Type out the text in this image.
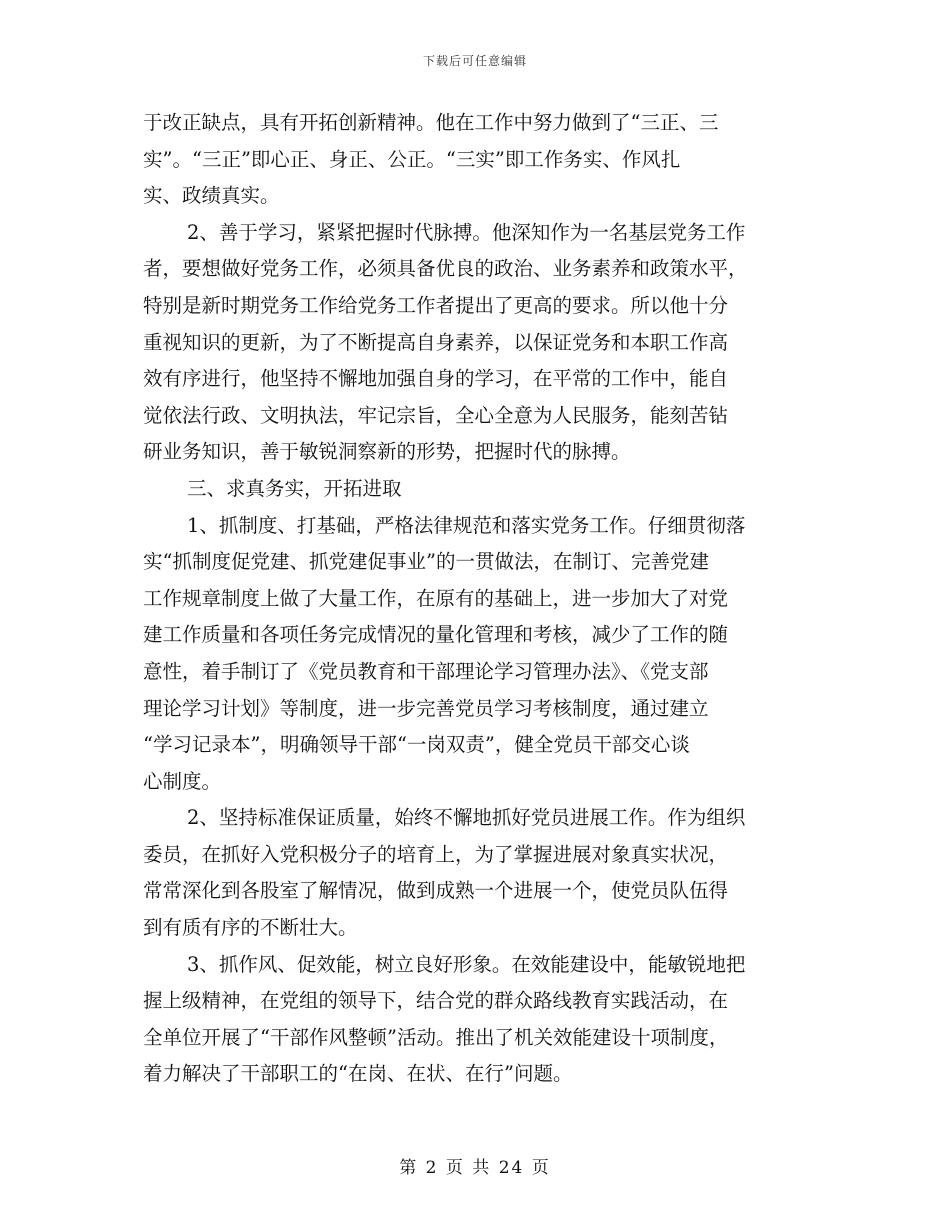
下载后可任意编辑
于改正缺点，具有开拓创新精神。他在工作中努力做到了“三正、三
实”。“三正”即心正、身正、公正。“三实”即工作务实、作风扎
实、政绩真实。
2、善于学习，紧紧把握时代脉搏。他深知作为一名基层党务工作
者，要想做好党务工作，必须具备优良的政治、业务素养和政策水平，
特别是新时期党务工作给党务工作者提出了更高的要求。所以他十分
重视知识的更新，为了不断提高自身素养，以保证党务和本职工作高
效有序进行，他坚持不懈地加强自身的学习，在平常的工作中，能自
觉依法行政、文明执法，牢记宗旨，全心全意为人民服务，能刻苦钻
研业务知识，善于敏锐洞察新的形势，把握时代的脉搏。
三、求真务实，开拓进取
1、抓制度、打基础，严格法律规范和落实党务工作。仔细贯彻落
实“抓制度促党建、抓党建促事业”的一贯做法，在制订、完善党建
工作规章制度上做了大量工作，在原有的基础上，进一步加大了对党
建工作质量和各项任务完成情况的量化管理和考核，减少了工作的随
意性，着手制订了《党员教育和干部理论学习管理办法》、《党支部
理论学习计划》等制度，进一步完善党员学习考核制度，通过建立
“学习记录本”，明确领导干部“一岗双责”，健全党员干部交心谈
心制度。
2、坚持标准保证质量，始终不懈地抓好党员进展工作。作为组织
委员，在抓好入党积极分子的培育上，为了掌握进展对象真实状况，
常常深化到各股室了解情况，做到成熟一个进展一个，使党员队伍得
到有质有序的不断壮大。
3、抓作风、促效能，树立良好形象。在效能建设中，能敏锐地把
握上级精神，在党组的领导下，结合党的群众路线教育实践活动，在
全单位开展了“干部作风整顿”活动。推出了机关效能建设十项制度，
着力解决了干部职工的“在岗、在状、在行”问题。
第 2 页 共 24 页
